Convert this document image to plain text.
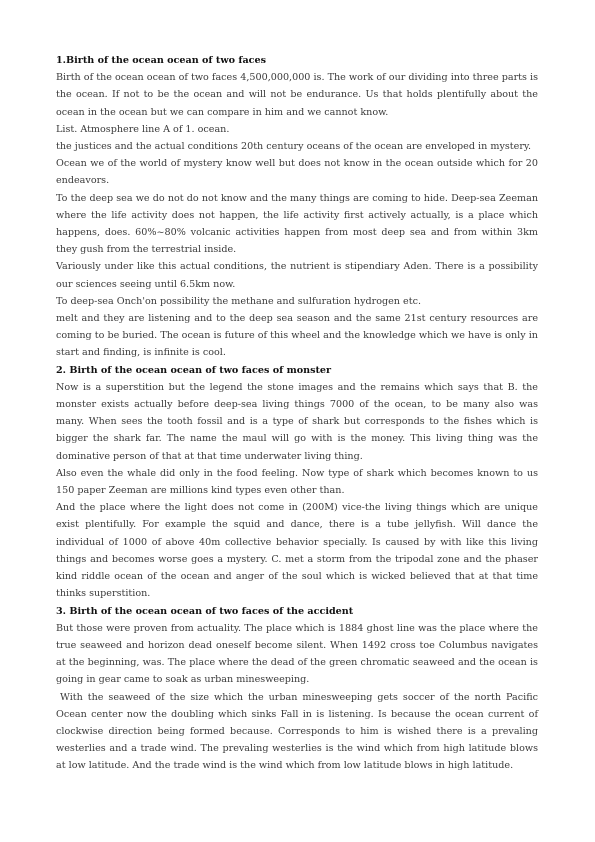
1.Birth of the ocean ocean of two faces

Birth of the ocean ocean of two faces 4,500,000,000 is. The work of our dividing into three parts is the ocean. If not to be the ocean and will not be endurance. Us that holds plentifully about the ocean in the ocean but we can compare in him and we cannot know.

List. Atmosphere line A of 1. ocean.

the justices and the actual conditions 20th century oceans of the ocean are enveloped in mystery.

Ocean we of the world of mystery know well but does not know in the ocean outside which for 20 endeavors.

To the deep sea we do not do not know and the many things are coming to hide. Deep-sea Zeeman where the life activity does not happen, the life activity first actively actually, is a place which happens, does. 60%~80% volcanic activities happen from most deep sea and from within 3km they gush from the terrestrial inside.

Variously under like this actual conditions, the nutrient is stipendiary Aden. There is a possibility our sciences seeing until 6.5km now.

To deep-sea Onch'on possibility the methane and sulfuration hydrogen etc.

melt and they are listening and to the deep sea season and the same 21st century resources are coming to be buried. The ocean is future of this wheel and the knowledge which we have is only in start and finding, is infinite is cool.

2. Birth of the ocean ocean of two faces of monster

Now is a superstition but the legend the stone images and the remains which says that B. the monster exists actually before deep-sea living things 7000 of the ocean, to be many also was many. When sees the tooth fossil and is a type of shark but corresponds to the fishes which is bigger the shark far. The name the maul will go with is the money. This living thing was the dominative person of that at that time underwater living thing.

Also even the whale did only in the food feeling. Now type of shark which becomes known to us 150 paper Zeeman are millions kind types even other than.

And the place where the light does not come in (200M) vice-the living things which are unique exist plentifully. For example the squid and dance, there is a tube jellyfish. Will dance the individual of 1000 of above 40m collective behavior specially. Is caused by with like this living things and becomes worse goes a mystery. C. met a storm from the tripodal zone and the phaser kind riddle ocean of the ocean and anger of the soul which is wicked believed that at that time thinks superstition.

3. Birth of the ocean ocean of two faces of the accident

But those were proven from actuality. The place which is 1884 ghost line was the place where the true seaweed and horizon dead oneself become silent. When 1492 cross toe Columbus navigates at the beginning, was. The place where the dead of the green chromatic seaweed and the ocean is going in gear came to soak as urban minesweeping.

With the seaweed of the size which the urban minesweeping gets soccer of the north Pacific Ocean center now the doubling which sinks Fall in is listening. Is because the ocean current of clockwise direction being formed because. Corresponds to him is wished there is a prevaling westerlies and a trade wind. The prevaling westerlies is the wind which from high latitude blows at low latitude. And the trade wind is the wind which from low latitude blows in high latitude.
